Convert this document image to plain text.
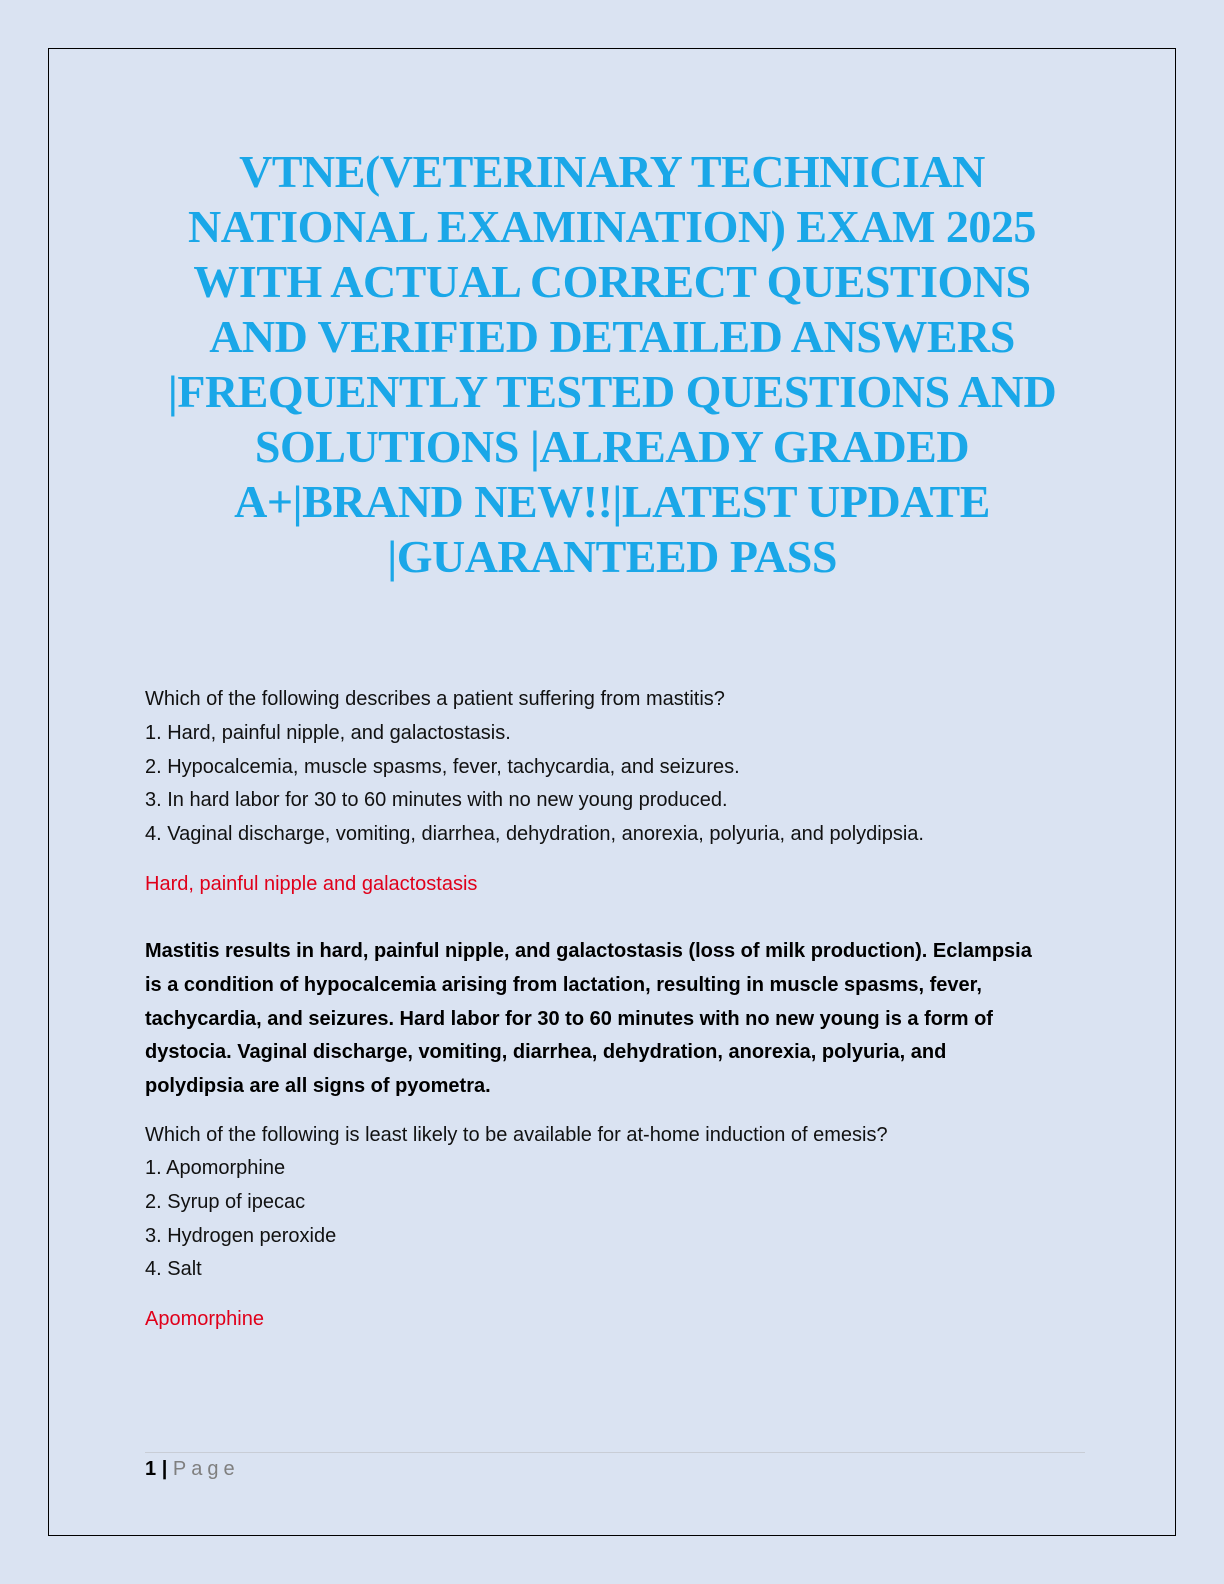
VTNE(VETERINARY TECHNICIAN
NATIONAL EXAMINATION) EXAM 2025
WITH ACTUAL CORRECT QUESTIONS
AND VERIFIED DETAILED ANSWERS
|FREQUENTLY TESTED QUESTIONS AND
SOLUTIONS |ALREADY GRADED
A+|BRAND NEW!!|LATEST UPDATE
|GUARANTEED PASS
Which of the following describes a patient suffering from mastitis?
1. Hard, painful nipple, and galactostasis.
2. Hypocalcemia, muscle spasms, fever, tachycardia, and seizures.
3. In hard labor for 30 to 60 minutes with no new young produced.
4. Vaginal discharge, vomiting, diarrhea, dehydration, anorexia, polyuria, and polydipsia.
Hard, painful nipple and galactostasis
Mastitis results in hard, painful nipple, and galactostasis (loss of milk production). Eclampsia
is a condition of hypocalcemia arising from lactation, resulting in muscle spasms, fever,
tachycardia, and seizures. Hard labor for 30 to 60 minutes with no new young is a form of
dystocia. Vaginal discharge, vomiting, diarrhea, dehydration, anorexia, polyuria, and
polydipsia are all signs of pyometra.
Which of the following is least likely to be available for at-home induction of emesis?
1. Apomorphine
2. Syrup of ipecac
3. Hydrogen peroxide
4. Salt
Apomorphine
1 | Page
